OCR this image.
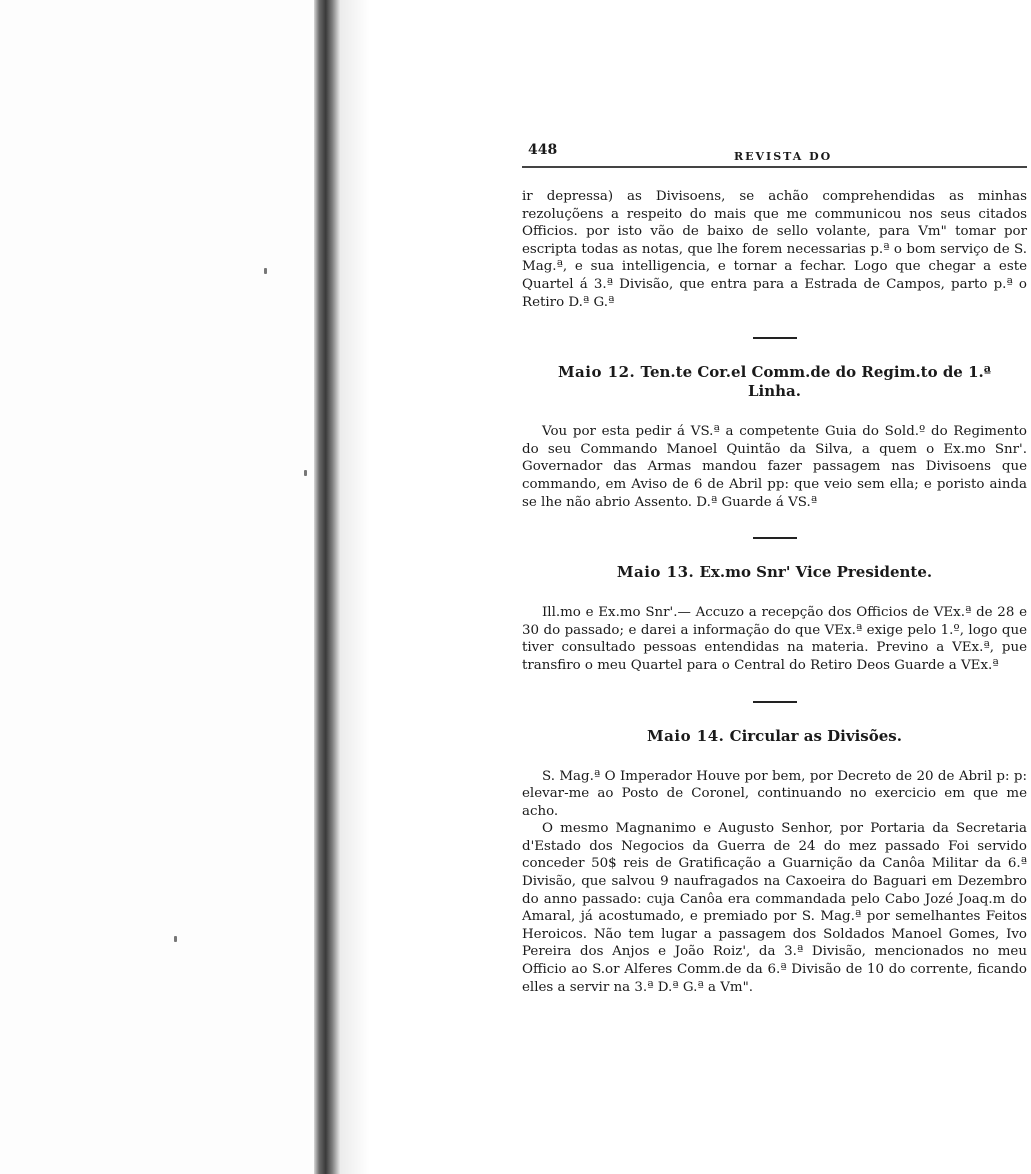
448	REVISTA DO

ir depressa) as Divisoens, se achão comprehendidas as minhas rezoluçõens a respeito do mais que me communicou nos seus citados Officios. por isto vão de baixo de sello volante, para Vm" tomar por escripta todas as notas, que lhe forem necessarias p.ª o bom serviço de S. Mag.ª, e sua intelligencia, e tornar a fechar. Logo que chegar a este Quartel á 3.ª Divisão, que entra para a Estrada de Campos, parto p.ª o Retiro D.ª G.ª

Maio 12. Ten.te Cor.el Comm.de do Regim.to de 1.ª Linha.

Vou por esta pedir á VS.ª a competente Guia do Sold.º do Regimento do seu Commando Manoel Quintão da Silva, a quem o Ex.mo Snr'. Governador das Armas mandou fazer passagem nas Divisoens que commando, em Aviso de 6 de Abril pp: que veio sem ella; e poristo ainda se lhe não abrio Assento. D.ª Guarde á VS.ª

Maio 13. Ex.mo Snr' Vice Presidente.

Ill.mo e Ex.mo Snr'.— Accuzo a recepção dos Officios de VEx.ª de 28 e 30 do passado; e darei a informação do que VEx.ª exige pelo 1.º, logo que tiver consultado pessoas entendidas na materia. Previno a VEx.ª, pue transfiro o meu Quartel para o Central do Retiro Deos Guarde a VEx.ª

Maio 14. Circular as Divisões.

S. Mag.ª O Imperador Houve por bem, por Decreto de 20 de Abril p: p: elevar-me ao Posto de Coronel, continuando no exercicio em que me acho.

O mesmo Magnanimo e Augusto Senhor, por Portaria da Secretaria d'Estado dos Negocios da Guerra de 24 do mez passado Foi servido conceder 50$ reis de Gratificação a Guarnição da Canôa Militar da 6.ª Divisão, que salvou 9 naufragados na Caxoeira do Baguari em Dezembro do anno passado: cuja Canôa era commandada pelo Cabo Jozé Joaq.m do Amaral, já acostumado, e premiado por S. Mag.ª por semelhantes Feitos Heroicos. Não tem lugar a passagem dos Soldados Manoel Gomes, Ivo Pereira dos Anjos e João Roiz', da 3.ª Divisão, mencionados no meu Officio ao S.or Alferes Comm.de da 6.ª Divisão de 10 do corrente, ficando elles a servir na 3.ª D.ª G.ª a Vm".
